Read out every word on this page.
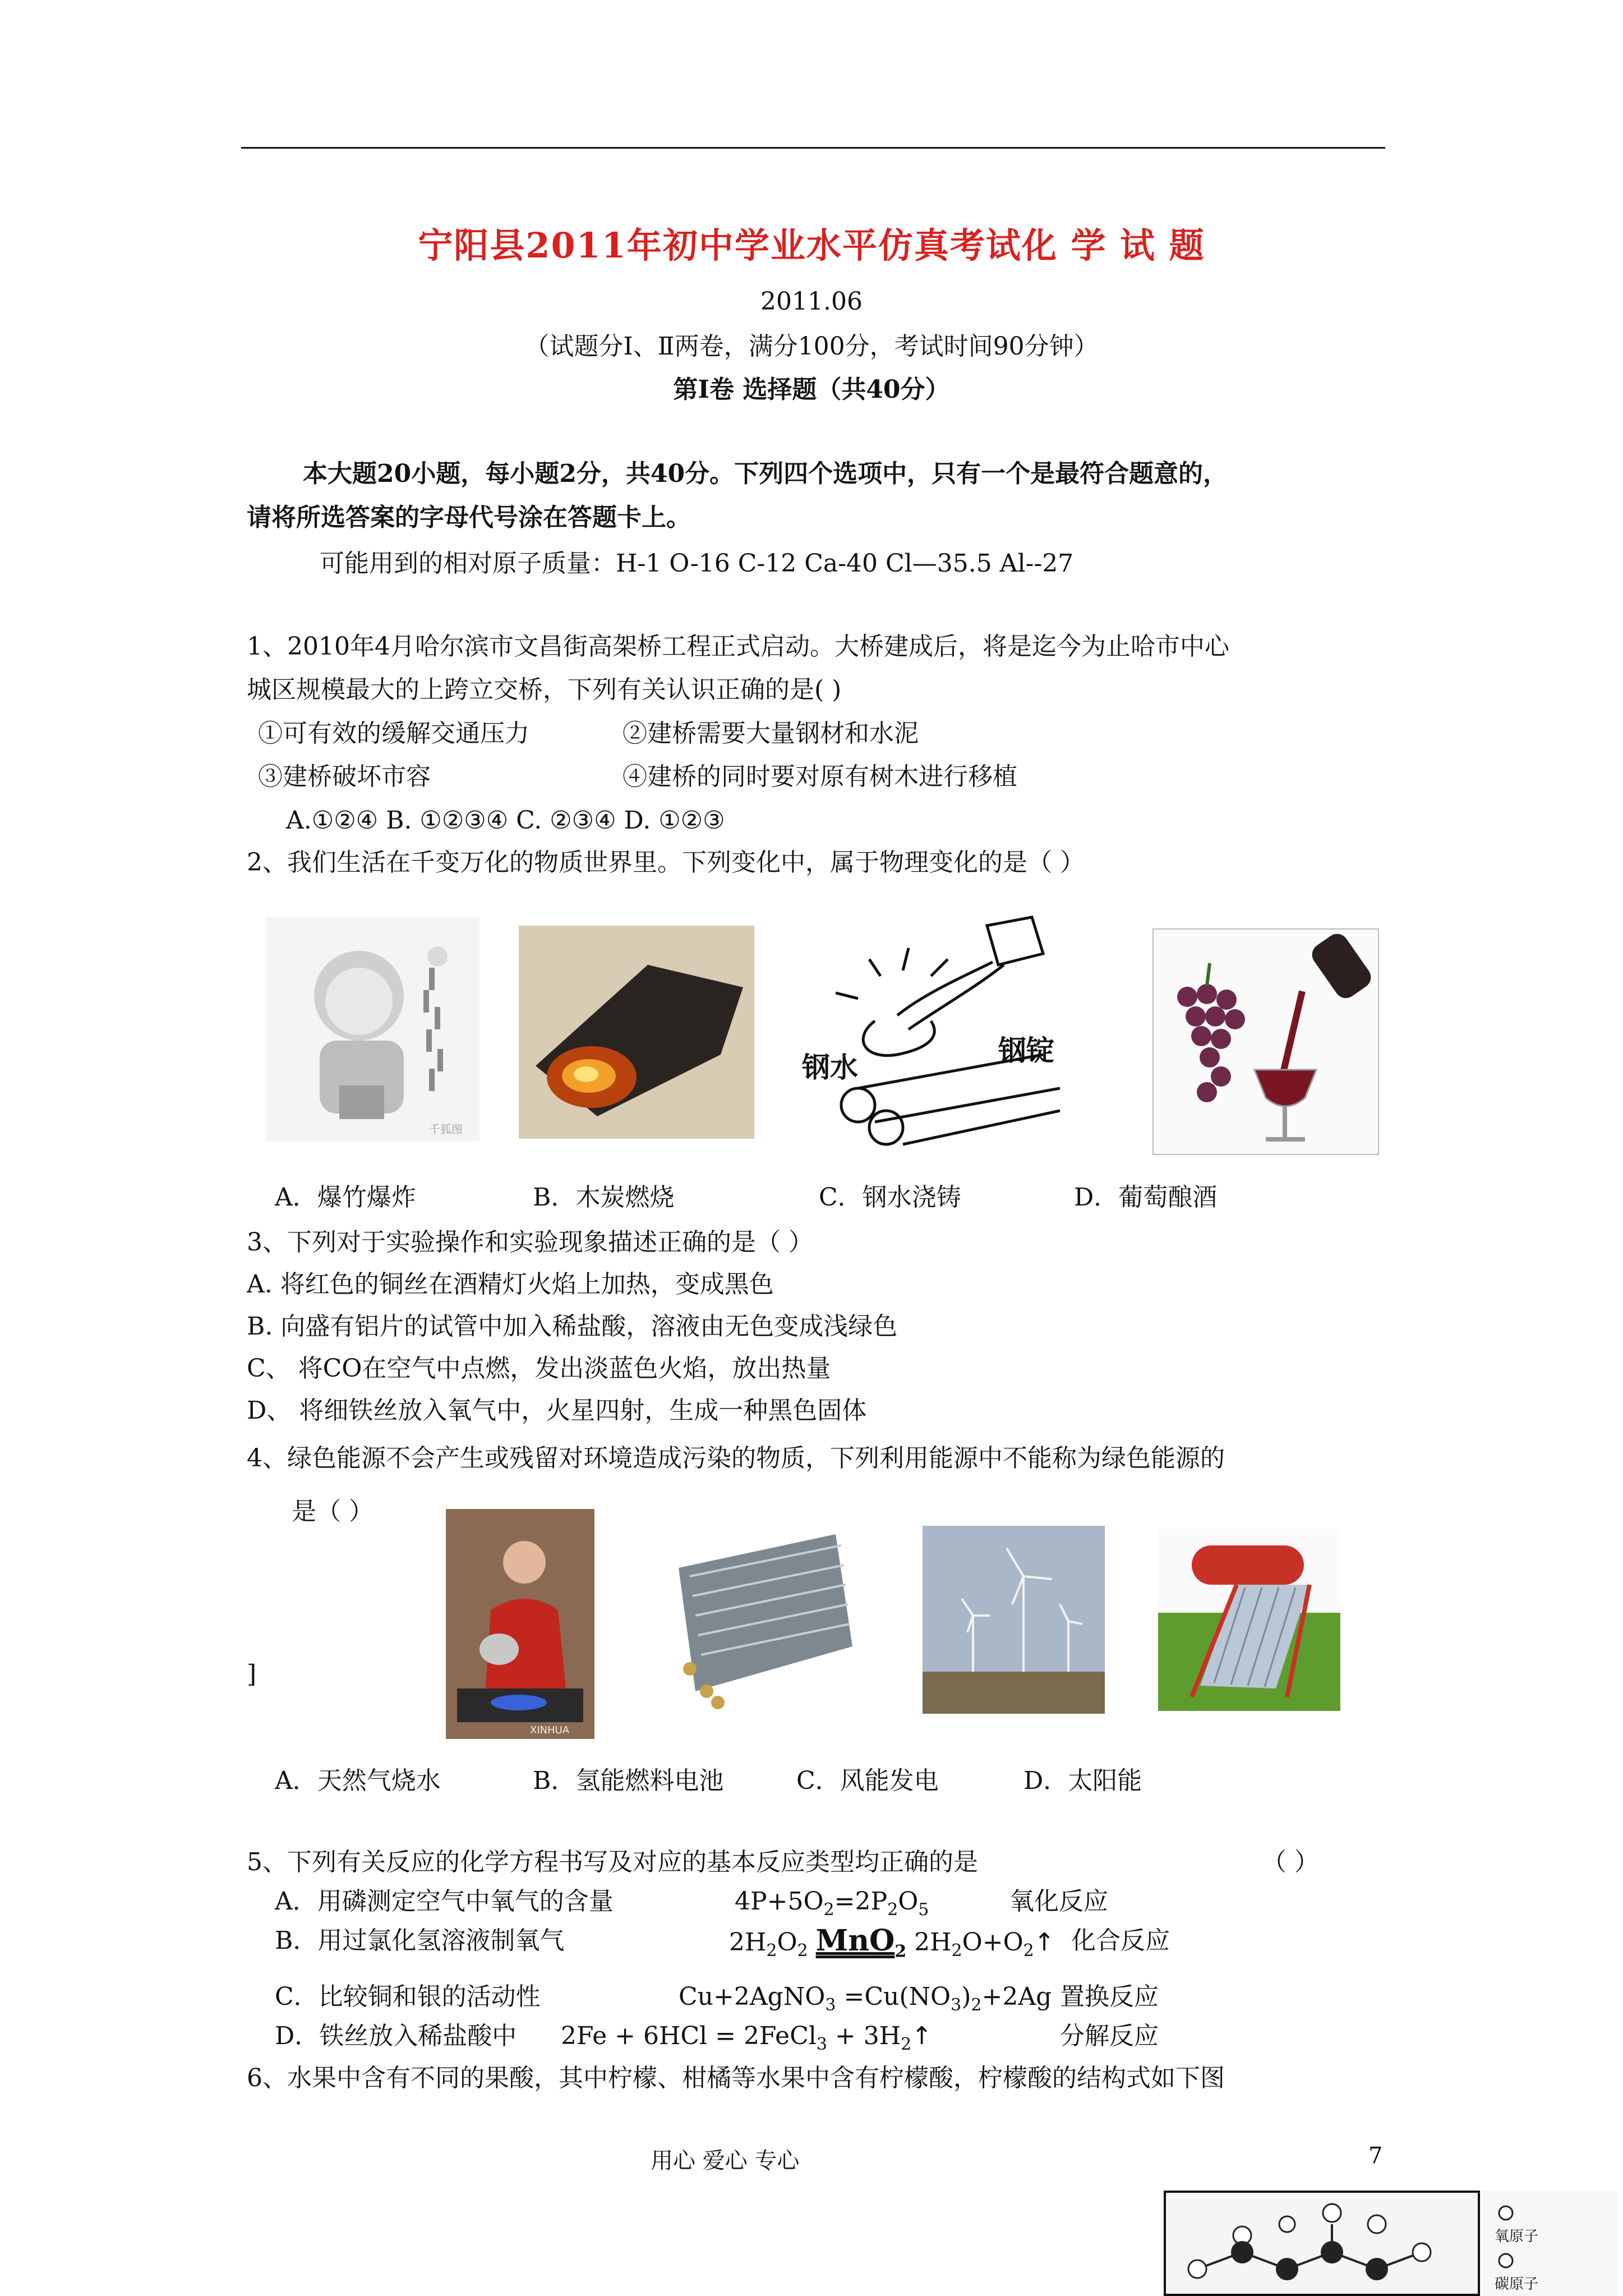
宁阳县2011年初中学业水平仿真考试化 学 试 题
2011.06
（试题分Ⅰ、Ⅱ两卷，满分100分，考试时间90分钟）
第Ⅰ卷 选择题（共40分）
本大题20小题，每小题2分，共40分。下列四个选项中，只有一个是最符合题意的，
请将所选答案的字母代号涂在答题卡上。
可能用到的相对原子质量：H-1 O-16 C-12 Ca-40 Cl—35.5 Al--27
1、2010年4月哈尔滨市文昌街高架桥工程正式启动。大桥建成后，将是迄今为止哈市中心
城区规模最大的上跨立交桥，下列有关认识正确的是( )
①可有效的缓解交通压力	②建桥需要大量钢材和水泥
③建桥破坏市容	④建桥的同时要对原有树木进行移植
A.①②④ B. ①②③④ C. ②③④ D. ①②③
2、我们生活在千变万化的物质世界里。下列变化中，属于物理变化的是（ ）
千狐图
钢水
钢锭
A．爆竹爆炸	B．木炭燃烧	C．钢水浇铸	D．葡萄酿酒
3、下列对于实验操作和实验现象描述正确的是（ ）
A. 将红色的铜丝在酒精灯火焰上加热，变成黑色
B. 向盛有铝片的试管中加入稀盐酸，溶液由无色变成浅绿色
C、 将CO在空气中点燃，发出淡蓝色火焰，放出热量
D、 将细铁丝放入氧气中，火星四射，生成一种黑色固体
4、绿色能源不会产生或残留对环境造成污染的物质，下列利用能源中不能称为绿色能源的
是（ ）
]
XINHUA
A．天然气烧水	B．氢能燃料电池	C．风能发电	D．太阳能
5、下列有关反应的化学方程书写及对应的基本反应类型均正确的是	（ ）
A．用磷测定空气中氧气的含量	$4P+5O_2=2P_2O_5$	氧化反应
B．用过氯化氢溶液制氧气	$2H_2O_2$ MnO$_2$ $2H_2O+O_2↑$ 化合反应
C．比较铜和银的活动性	Cu+2AgNO$_3$ $=Cu(NO_3)_2+2Ag$ 置换反应
D．铁丝放入稀盐酸中 2Fe + 6HCl = 2FeCl$_3$ + $3H_2↑$	分解反应
6、水果中含有不同的果酸，其中柠檬、柑橘等水果中含有柠檬酸，柠檬酸的结构式如下图
用心 爱心 专心	7
氧原子
碳原子
